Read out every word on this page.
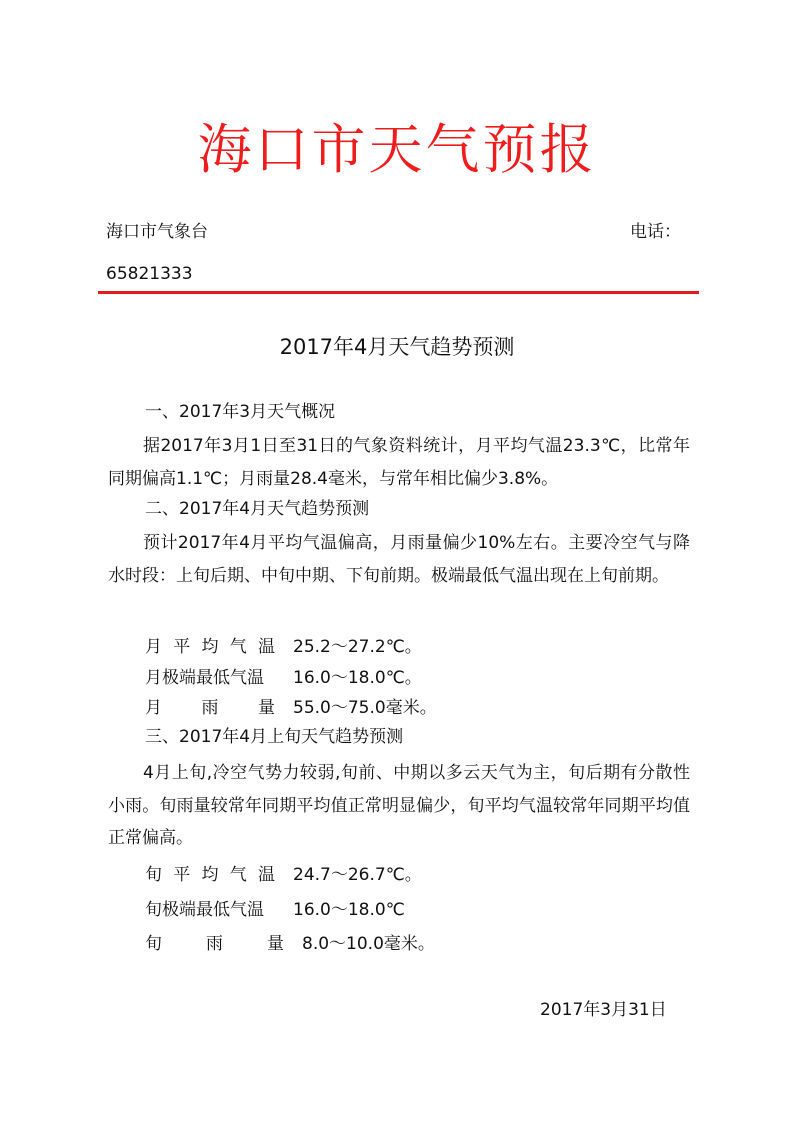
海口市天气预报
海口市气象台	电话：
65821333
2017年4月天气趋势预测
一、2017年3月天气概况
据2017年3月1日至31日的气象资料统计，月平均气温23.3℃，比常年同期偏高1.1℃；月雨量28.4毫米，与常年相比偏少3.8%。
二、2017年4月天气趋势预测
预计2017年4月平均气温偏高，月雨量偏少10%左右。主要冷空气与降水时段：上旬后期、中旬中期、下旬前期。极端最低气温出现在上旬前期。
月平均气温 25.2～27.2℃。
月极端最低气温 16.0～18.0℃。
月雨量 55.0～75.0毫米。
三、2017年4月上旬天气趋势预测
4月上旬,冷空气势力较弱,旬前、中期以多云天气为主，旬后期有分散性小雨。旬雨量较常年同期平均值正常明显偏少，旬平均气温较常年同期平均值正常偏高。
旬平均气温 24.7～26.7℃。
旬极端最低气温 16.0～18.0℃
旬雨量 8.0～10.0毫米。
2017年3月31日
